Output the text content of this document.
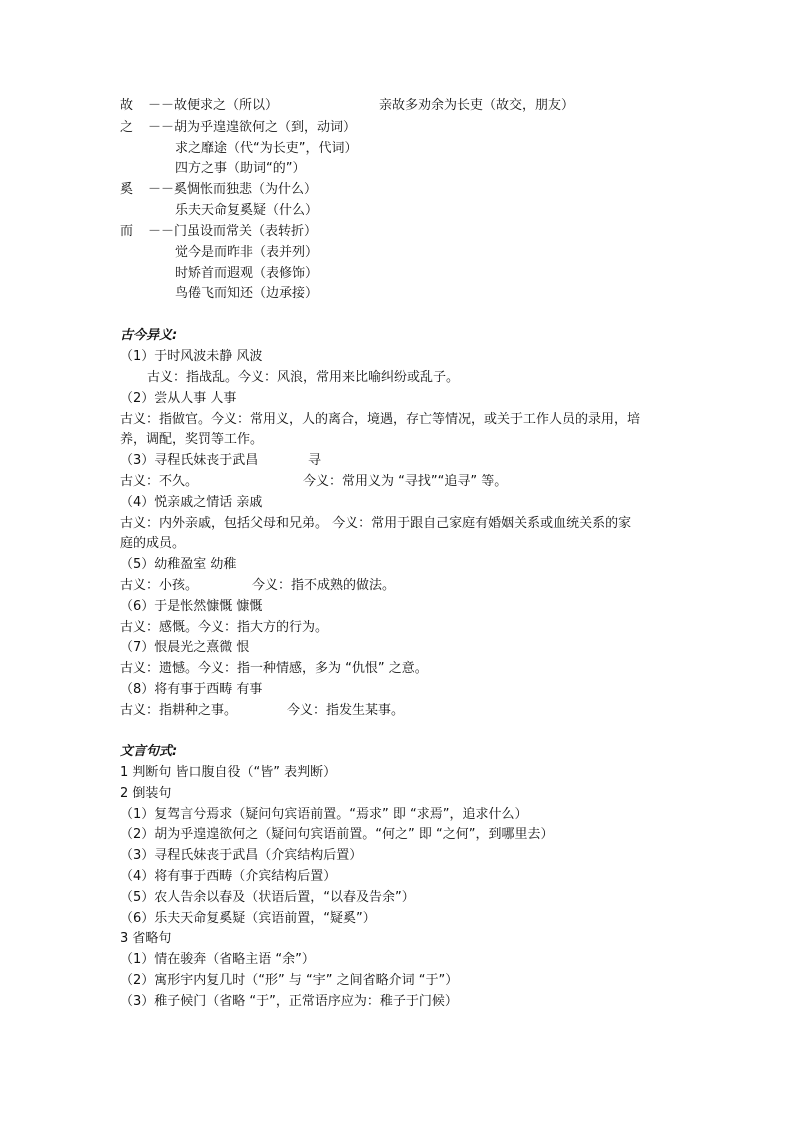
故 －－故便求之（所以）	亲故多劝余为长吏（故交，朋友）
之 －－胡为乎遑遑欲何之（到，动词）
求之靡途（代“为长吏”，代词）
四方之事（助词“的”）
奚 －－奚惆怅而独悲（为什么）
乐夫天命复奚疑（什么）
而 －－门虽设而常关（表转折）
觉今是而昨非（表并列）
时矫首而遐观（表修饰）
鸟倦飞而知还（边承接）
古今异义:
（1）于时风波未静 风波
古义：指战乱。今义：风浪，常用来比喻纠纷或乱子。
（2）尝从人事 人事
古义：指做官。今义：常用义，人的离合，境遇，存亡等情况，或关于工作人员的录用，培
养，调配，奖罚等工作。
（3）寻程氏妹丧于武昌	寻
古义：不久。	今义：常用义为 “寻找”“追寻” 等。
（4）悦亲戚之情话 亲戚
古义：内外亲戚，包括父母和兄弟。 今义：常用于跟自己家庭有婚姻关系或血统关系的家
庭的成员。
（5）幼稚盈室 幼稚
古义：小孩。	今义：指不成熟的做法。
（6）于是怅然慷慨 慷慨
古义：感慨。今义：指大方的行为。
（7）恨晨光之熹微 恨
古义：遗憾。今义：指一种情感，多为 “仇恨” 之意。
（8）将有事于西畴 有事
古义：指耕种之事。	今义：指发生某事。
文言句式:
1 判断句 皆口腹自役（“皆” 表判断）
2 倒装句
（1）复驾言兮焉求（疑问句宾语前置。“焉求” 即 “求焉”，追求什么）
（2）胡为乎遑遑欲何之（疑问句宾语前置。“何之” 即 “之何”，到哪里去）
（3）寻程氏妹丧于武昌（介宾结构后置）
（4）将有事于西畴（介宾结构后置）
（5）农人告余以春及（状语后置，“以春及告余”）
（6）乐夫天命复奚疑（宾语前置，“疑奚”）
3 省略句
（1）情在骏奔（省略主语 “余”）
（2）寓形宇内复几时（“形” 与 “宇” 之间省略介词 “于”）
（3）稚子候门（省略 “于”，正常语序应为：稚子于门候）
